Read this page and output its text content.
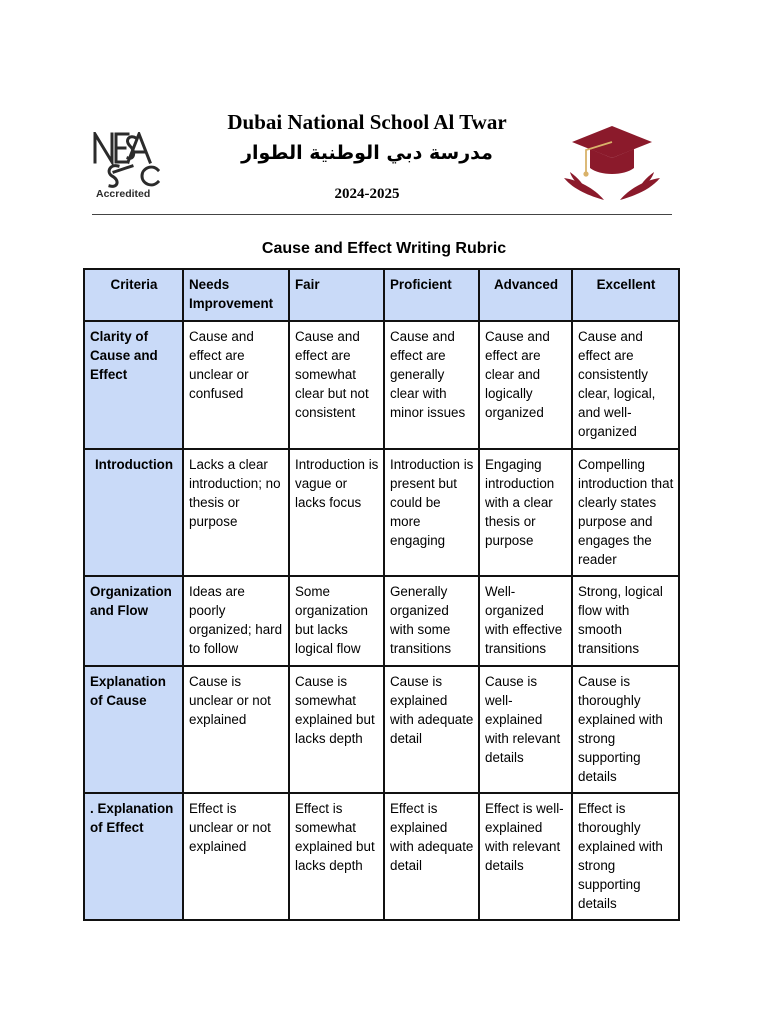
Accredited
Dubai National School Al Twar
مدرسة دبي الوطنية الطوار
2024-2025
Cause and Effect Writing Rubric
Criteria	Needs Improvement	Fair	Proficient	Advanced	Excellent
Clarity of Cause and Effect	Cause and effect are unclear or confused	Cause and effect are somewhat clear but not consistent	Cause and effect are generally clear with minor issues	Cause and effect are clear and logically organized	Cause and effect are consistently clear, logical, and well-organized
Introduction	Lacks a clear introduction; no thesis or purpose	Introduction is vague or lacks focus	Introduction is present but could be more engaging	Engaging introduction with a clear thesis or purpose	Compelling introduction that clearly states purpose and engages the reader
Organization and Flow	Ideas are poorly organized; hard to follow	Some organization but lacks logical flow	Generally organized with some transitions	Well-organized with effective transitions	Strong, logical flow with smooth transitions
Explanation of Cause	Cause is unclear or not explained	Cause is somewhat explained but lacks depth	Cause is explained with adequate detail	Cause is well-explained with relevant details	Cause is thoroughly explained with strong supporting details
. Explanation of Effect	Effect is unclear or not explained	Effect is somewhat explained but lacks depth	Effect is explained with adequate detail	Effect is well-explained with relevant details	Effect is thoroughly explained with strong supporting details
